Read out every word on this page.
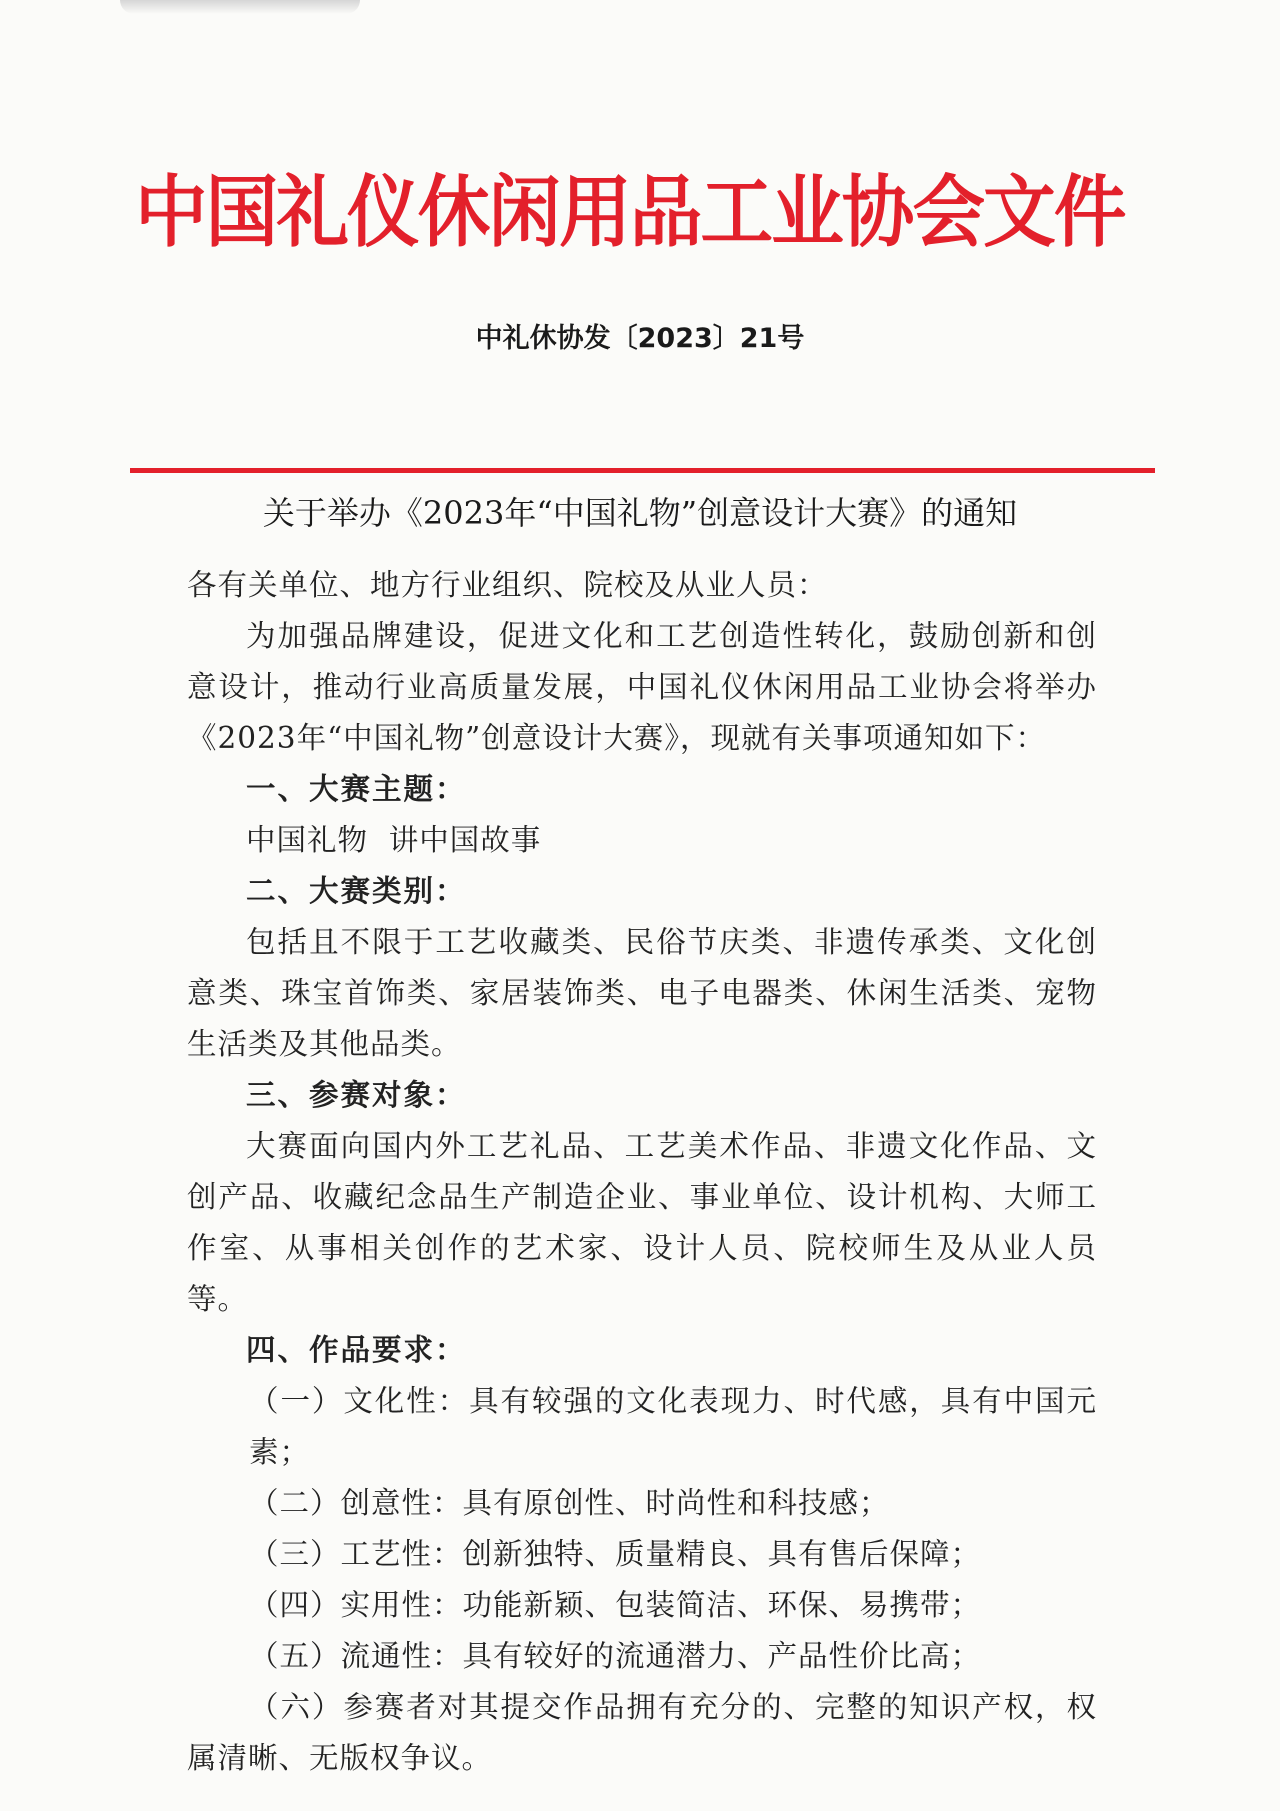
中国礼仪休闲用品工业协会文件
中礼休协发〔2023〕21号
关于举办《2023年“中国礼物”创意设计大赛》的通知

各有关单位、地方行业组织、院校及从业人员：

为加强品牌建设，促进文化和工艺创造性转化，鼓励创新和创意设计，推动行业高质量发展，中国礼仪休闲用品工业协会将举办《2023年“中国礼物”创意设计大赛》，现就有关事项通知如下：

一、大赛主题：

中国礼物  讲中国故事

二、大赛类别：

包括且不限于工艺收藏类、民俗节庆类、非遗传承类、文化创意类、珠宝首饰类、家居装饰类、电子电器类、休闲生活类、宠物生活类及其他品类。

三、参赛对象：

大赛面向国内外工艺礼品、工艺美术作品、非遗文化作品、文创产品、收藏纪念品生产制造企业、事业单位、设计机构、大师工作室、从事相关创作的艺术家、设计人员、院校师生及从业人员等。

四、作品要求：

（一）文化性：具有较强的文化表现力、时代感，具有中国元素；

（二）创意性：具有原创性、时尚性和科技感；

（三）工艺性：创新独特、质量精良、具有售后保障；

（四）实用性：功能新颖、包装简洁、环保、易携带；

（五）流通性：具有较好的流通潜力、产品性价比高；

（六）参赛者对其提交作品拥有充分的、完整的知识产权，权属清晰、无版权争议。
